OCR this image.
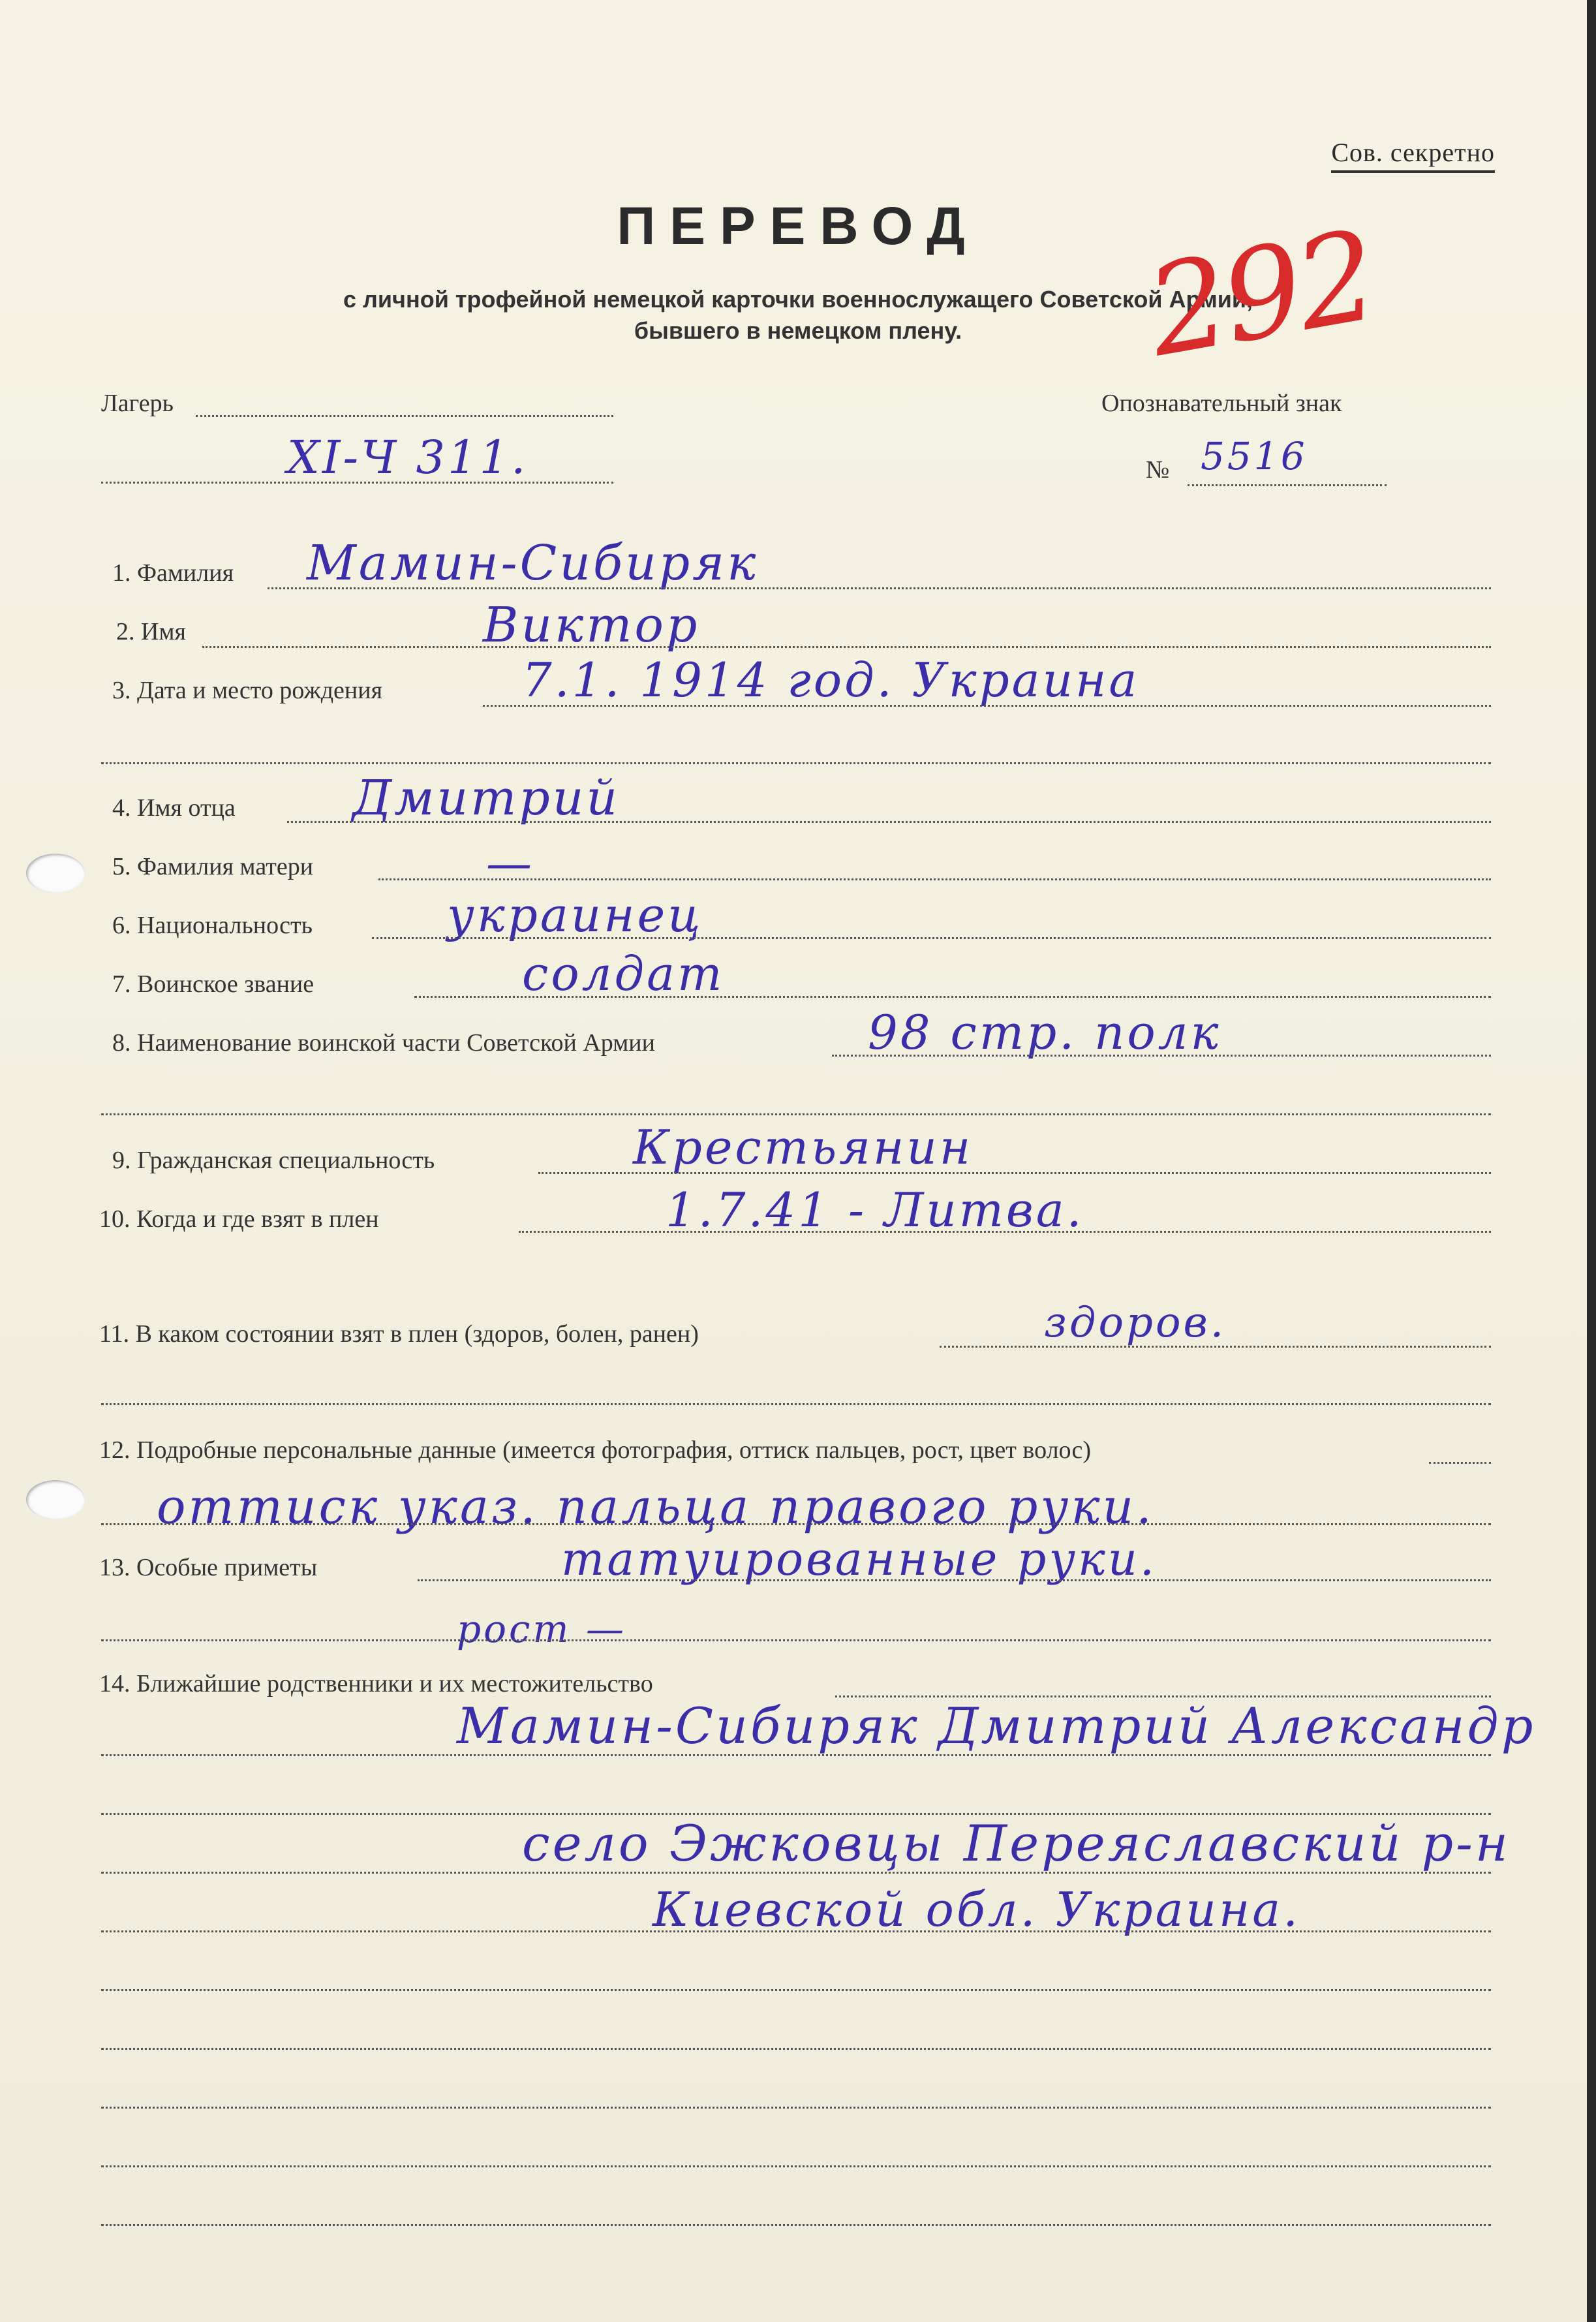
Сов. секретно
ПЕРЕВОД
с личной трофейной немецкой карточки военнослужащего Советской Армии,
бывшего в немецком плену.	292
Лагерь
XI-Ч 311.
Опознавательный знак
№ 5516
1. Фамилия Мамин-Сибиряк
2. Имя	Виктор
3. Дата и место рождения	7.1. 1914 год. Украина
4. Имя отца Дмитрий
5. Фамилия матери	—
6. Национальность	украинец
7. Воинское звание	солдат
8. Наименование воинской части Советской Армии	98 стр. полк
9. Гражданская специальность	Крестьянин
10. Когда и где взят в плен	1.7.41 - Литва.
11. В каком состоянии взят в плен (здоров, болен, ранен)	здоров.
12. Подробные персональные данные (имеется фотография, оттиск пальцев, рост, цвет волос)
оттиск указ. пальца правого руки.
13. Особые приметы	татуированные руки.
рост —
14. Ближайшие родственники и их местожительство
Мамин-Сибиряк Дмитрий Александр
село Эжковцы Переяславский р-н
Киевской обл. Украина.
